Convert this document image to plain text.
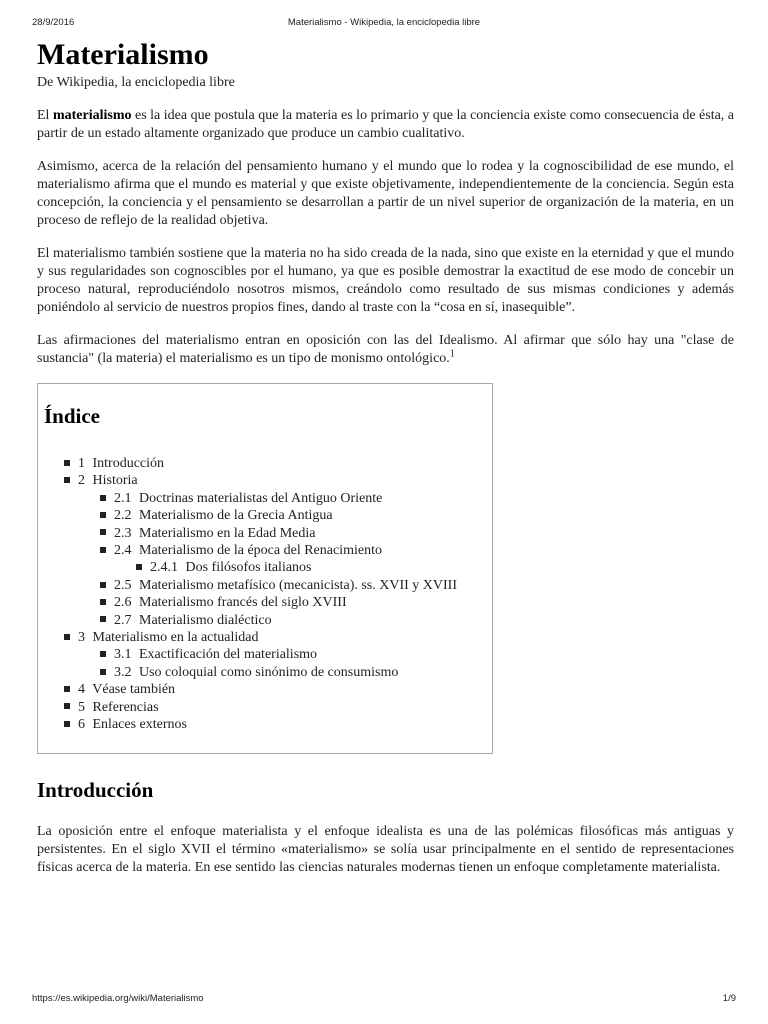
28/9/2016	Materialismo - Wikipedia, la enciclopedia libre
Materialismo
De Wikipedia, la enciclopedia libre

El materialismo es la idea que postula que la materia es lo primario y que la conciencia existe como consecuencia de ésta, a partir de un estado altamente organizado que produce un cambio cualitativo.

Asimismo, acerca de la relación del pensamiento humano y el mundo que lo rodea y la cognoscibilidad de ese mundo, el materialismo afirma que el mundo es material y que existe objetivamente, independientemente de la conciencia. Según esta concepción, la conciencia y el pensamiento se desarrollan a partir de un nivel superior de organización de la materia, en un proceso de reflejo de la realidad objetiva.

El materialismo también sostiene que la materia no ha sido creada de la nada, sino que existe en la eternidad y que el mundo y sus regularidades son cognoscibles por el humano, ya que es posible demostrar la exactitud de ese modo de concebir un proceso natural, reproduciéndolo nosotros mismos, creándolo como resultado de sus mismas condiciones y además poniéndolo al servicio de nuestros propios fines, dando al traste con la “cosa en sí, inasequible”.

Las afirmaciones del materialismo entran en oposición con las del Idealismo. Al afirmar que sólo hay una "clase de sustancia" (la materia) el materialismo es un tipo de monismo ontológico.$^1$

Índice
1 Introducción
2 Historia
2.1 Doctrinas materialistas del Antiguo Oriente
2.2 Materialismo de la Grecia Antigua
2.3 Materialismo en la Edad Media
2.4 Materialismo de la época del Renacimiento
2.4.1 Dos filósofos italianos
2.5 Materialismo metafísico (mecanicista). ss. XVII y XVIII
2.6 Materialismo francés del siglo XVIII
2.7 Materialismo dialéctico
3 Materialismo en la actualidad
3.1 Exactificación del materialismo
3.2 Uso coloquial como sinónimo de consumismo
4 Véase también
5 Referencias
6 Enlaces externos
Introducción

La oposición entre el enfoque materialista y el enfoque idealista es una de las polémicas filosóficas más antiguas y persistentes. En el siglo XVII el término «materialismo» se solía usar principalmente en el sentido de representaciones físicas acerca de la materia. En ese sentido las ciencias naturales modernas tienen un enfoque completamente materialista.

https://es.wikipedia.org/wiki/Materialismo	1/9
